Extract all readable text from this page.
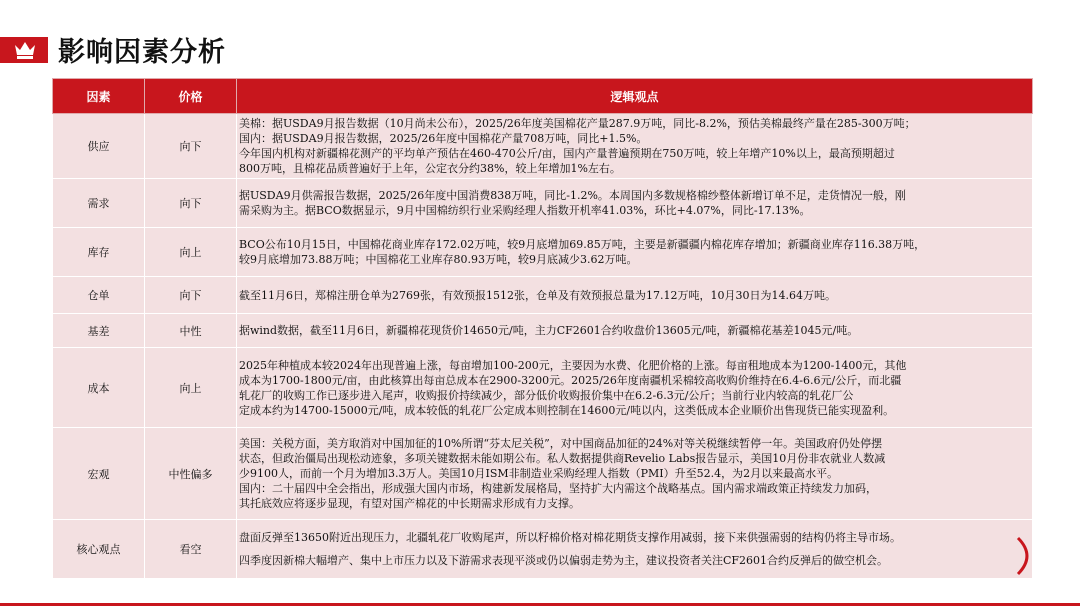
影响因素分析
因素	价格	逻辑观点
供应	向下	美棉：据USDA9月报告数据（10月尚未公布），2025/26年度美国棉花产量287.9万吨，同比-8.2%，预估美棉最终产量在285-300万吨；
国内：据USDA9月报告数据，2025/26年度中国棉花产量708万吨，同比+1.5%。
今年国内机构对新疆棉花测产的平均单产预估在460-470公斤/亩，国内产量普遍预期在750万吨，较上年增产10%以上，最高预期超过
800万吨，且棉花品质普遍好于上年，公定衣分约38%，较上年增加1%左右。

需求	向下	据USDA9月供需报告数据，2025/26年度中国消费838万吨，同比-1.2%。本周国内多数规格棉纱整体新增订单不足，走货情况一般，刚
需采购为主。据BCO数据显示，9月中国棉纺织行业采购经理人指数开机率41.03%，环比+4.07%，同比-17.13%。

库存	向上	BCO公布10月15日，中国棉花商业库存172.02万吨，较9月底增加69.85万吨，主要是新疆疆内棉花库存增加；新疆商业库存116.38万吨，
较9月底增加73.88万吨；中国棉花工业库存80.93万吨，较9月底减少3.62万吨。

仓单	向下	截至11月6日，郑棉注册仓单为2769张，有效预报1512张，仓单及有效预报总量为17.12万吨，10月30日为14.64万吨。

基差	中性	据wind数据，截至11月6日，新疆棉花现货价14650元/吨，主力CF2601合约收盘价13605元/吨，新疆棉花基差1045元/吨。

成本	向上	2025年种植成本较2024年出现普遍上涨，每亩增加100-200元，主要因为水费、化肥价格的上涨。每亩租地成本为1200-1400元，其他
成本为1700-1800元/亩，由此核算出每亩总成本在2900-3200元。2025/26年度南疆机采棉较高收购价维持在6.4-6.6元/公斤，而北疆
轧花厂的收购工作已逐步进入尾声，收购报价持续减少，部分低价收购报价集中在6.2-6.3元/公斤；当前行业内较高的轧花厂公
定成本约为14700-15000元/吨，成本较低的轧花厂公定成本则控制在14600元/吨以内，这类低成本企业顺价出售现货已能实现盈利。

宏观	中性偏多	美国：关税方面，美方取消对中国加征的10%所谓“芬太尼关税”，对中国商品加征的24%对等关税继续暂停一年。美国政府仍处停摆
状态，但政治僵局出现松动迹象，多项关键数据未能如期公布。私人数据提供商Revelio Labs报告显示，美国10月份非农就业人数减
少9100人，而前一个月为增加3.3万人。美国10月ISM非制造业采购经理人指数（PMI）升至52.4，为2月以来最高水平。
国内：二十届四中全会指出，形成强大国内市场，构建新发展格局，坚持扩大内需这个战略基点。国内需求端政策正持续发力加码，
其托底效应将逐步显现，有望对国产棉花的中长期需求形成有力支撑。

核心观点	看空	盘面反弹至13650附近出现压力，北疆轧花厂收购尾声，所以籽棉价格对棉花期货支撑作用减弱，接下来供强需弱的结构仍将主导市场。
四季度因新棉大幅增产、集中上市压力以及下游需求表现平淡或仍以偏弱走势为主，建议投资者关注CF2601合约反弹后的做空机会。
